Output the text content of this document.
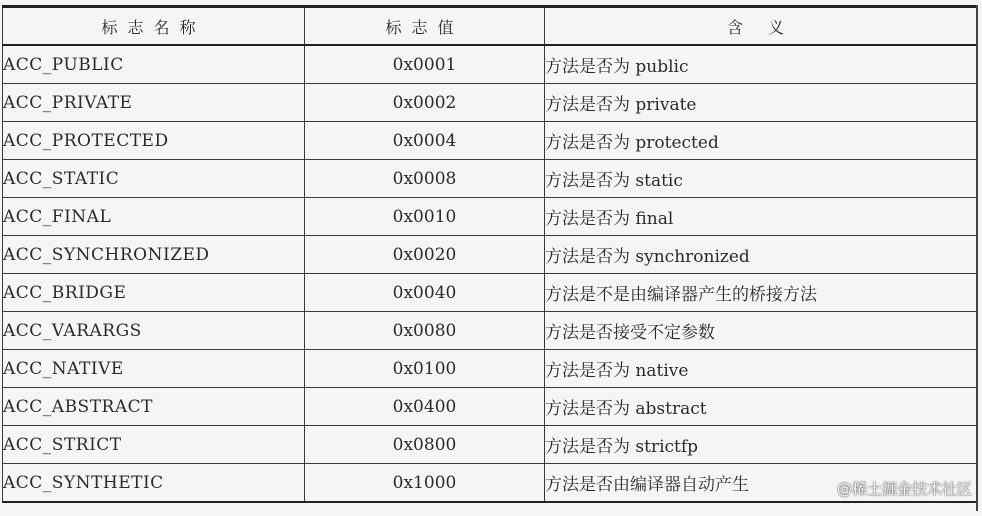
标志名称	标志值	含 义
ACC_PUBLIC	0x0001	方法是否为 public
ACC_PRIVATE	0x0002	方法是否为 private
ACC_PROTECTED	0x0004	方法是否为 protected
ACC_STATIC	0x0008	方法是否为 static
ACC_FINAL	0x0010	方法是否为 final
ACC_SYNCHRONIZED	0x0020	方法是否为 synchronized
ACC_BRIDGE	0x0040	方法是不是由编译器产生的桥接方法
ACC_VARARGS	0x0080	方法是否接受不定参数
ACC_NATIVE	0x0100	方法是否为 native
ACC_ABSTRACT	0x0400	方法是否为 abstract
ACC_STRICT	0x0800	方法是否为 strictfp
ACC_SYNTHETIC	0x1000	方法是否由编译器自动产生	@稀土掘金技术社区
